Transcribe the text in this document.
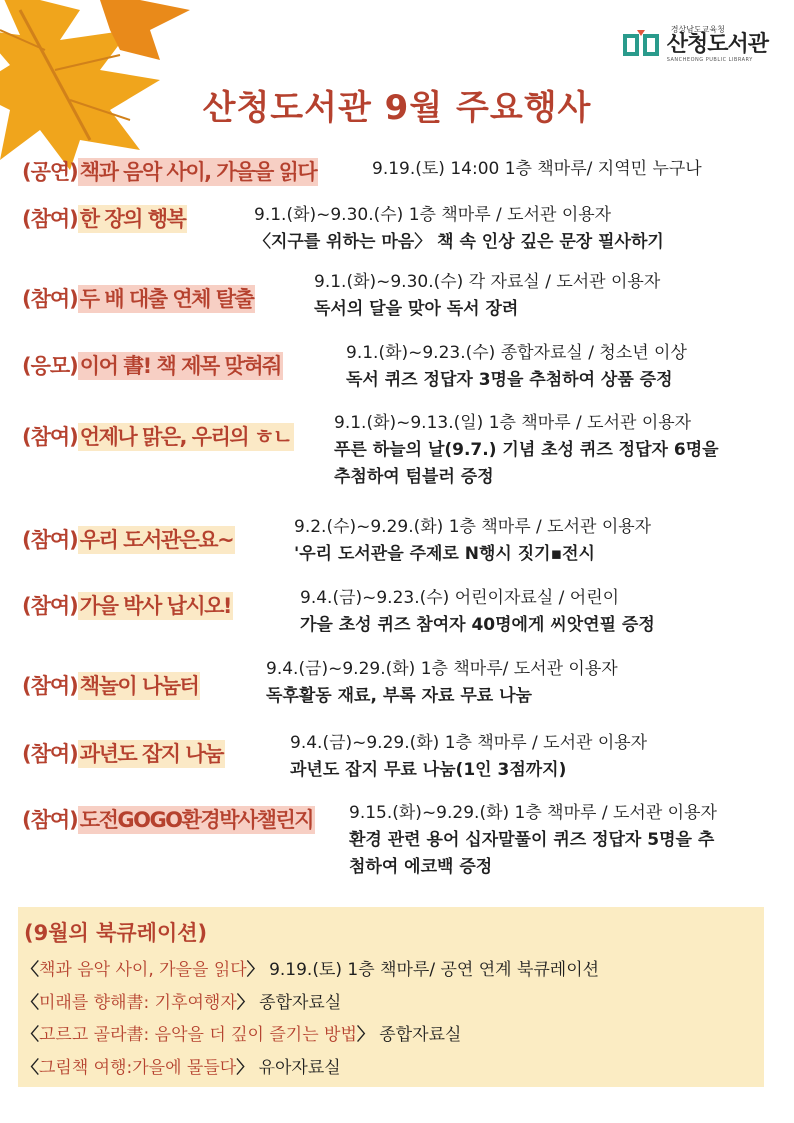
경상남도교육청
산청도서관
SANCHEONG PUBLIC LIBRARY
산청도서관 9월 주요행사
(공연)책과 음악 사이, 가을을 읽다	9.19.(토) 14:00 1층 책마루/ 지역민 누구나
(참여)한 장의 행복	9.1.(화)~9.30.(수) 1층 책마루 / 도서관 이용자
〈지구를 위하는 마음〉 책 속 인상 깊은 문장 필사하기
(참여)두 배 대출 연체 탈출
9.1.(화)~9.30.(수) 각 자료실 / 도서관 이용자
독서의 달을 맞아 독서 장려
(응모)이어 書! 책 제목 맞혀줘
9.1.(화)~9.23.(수) 종합자료실 / 청소년 이상
독서 퀴즈 정답자 3명을 추첨하여 상품 증정
(참여)언제나 맑은, 우리의 ㅎㄴ
9.1.(화)~9.13.(일) 1층 책마루 / 도서관 이용자
푸른 하늘의 날(9.7.) 기념 초성 퀴즈 정답자 6명을
추첨하여 텀블러 증정
(참여)우리 도서관은요~
9.2.(수)~9.29.(화) 1층 책마루 / 도서관 이용자
'우리 도서관을 주제로 N행시 짓기▪전시
(참여)가을 박사 납시오!	9.4.(금)~9.23.(수) 어린이자료실 / 어린이
가을 초성 퀴즈 참여자 40명에게 씨앗연필 증정
(참여)책놀이 나눔터
9.4.(금)~9.29.(화) 1층 책마루/ 도서관 이용자
독후활동 재료, 부록 자료 무료 나눔
(참여)과년도 잡지 나눔	9.4.(금)~9.29.(화) 1층 책마루 / 도서관 이용자
과년도 잡지 무료 나눔(1인 3점까지)
(참여)도전GOGO환경박사챌린지 9.15.(화)~9.29.(화) 1층 책마루 / 도서관 이용자
환경 관련 용어 십자말풀이 퀴즈 정답자 5명을 추
첨하여 에코백 증정
(9월의 북큐레이션)
〈책과 음악 사이, 가을을 읽다〉 9.19.(토) 1층 책마루/ 공연 연계 북큐레이션
〈미래를 향해書: 기후여행자〉 종합자료실
〈고르고 골라書: 음악을 더 깊이 즐기는 방법〉 종합자료실
〈그림책 여행:가을에 물들다〉 유아자료실
